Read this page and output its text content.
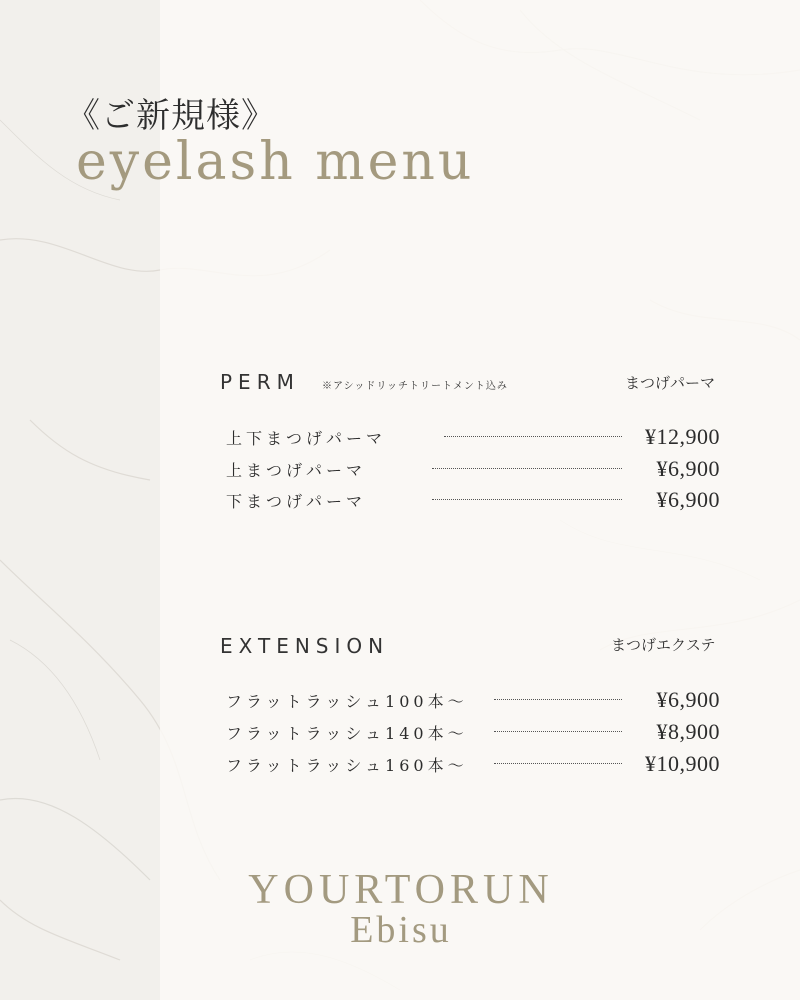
《ご新規様》
eyelash menu
PERM ※アシッドリッチトリートメント込み	まつげパーマ
上下まつげパーマ	¥12,900
上まつげパーマ	¥6,900
下まつげパーマ	¥6,900
EXTENSION	まつげエクステ
フラットラッシュ100本〜	¥6,900
フラットラッシュ140本〜	¥8,900
フラットラッシュ160本〜	¥10,900
YOURTORUN
Ebisu
